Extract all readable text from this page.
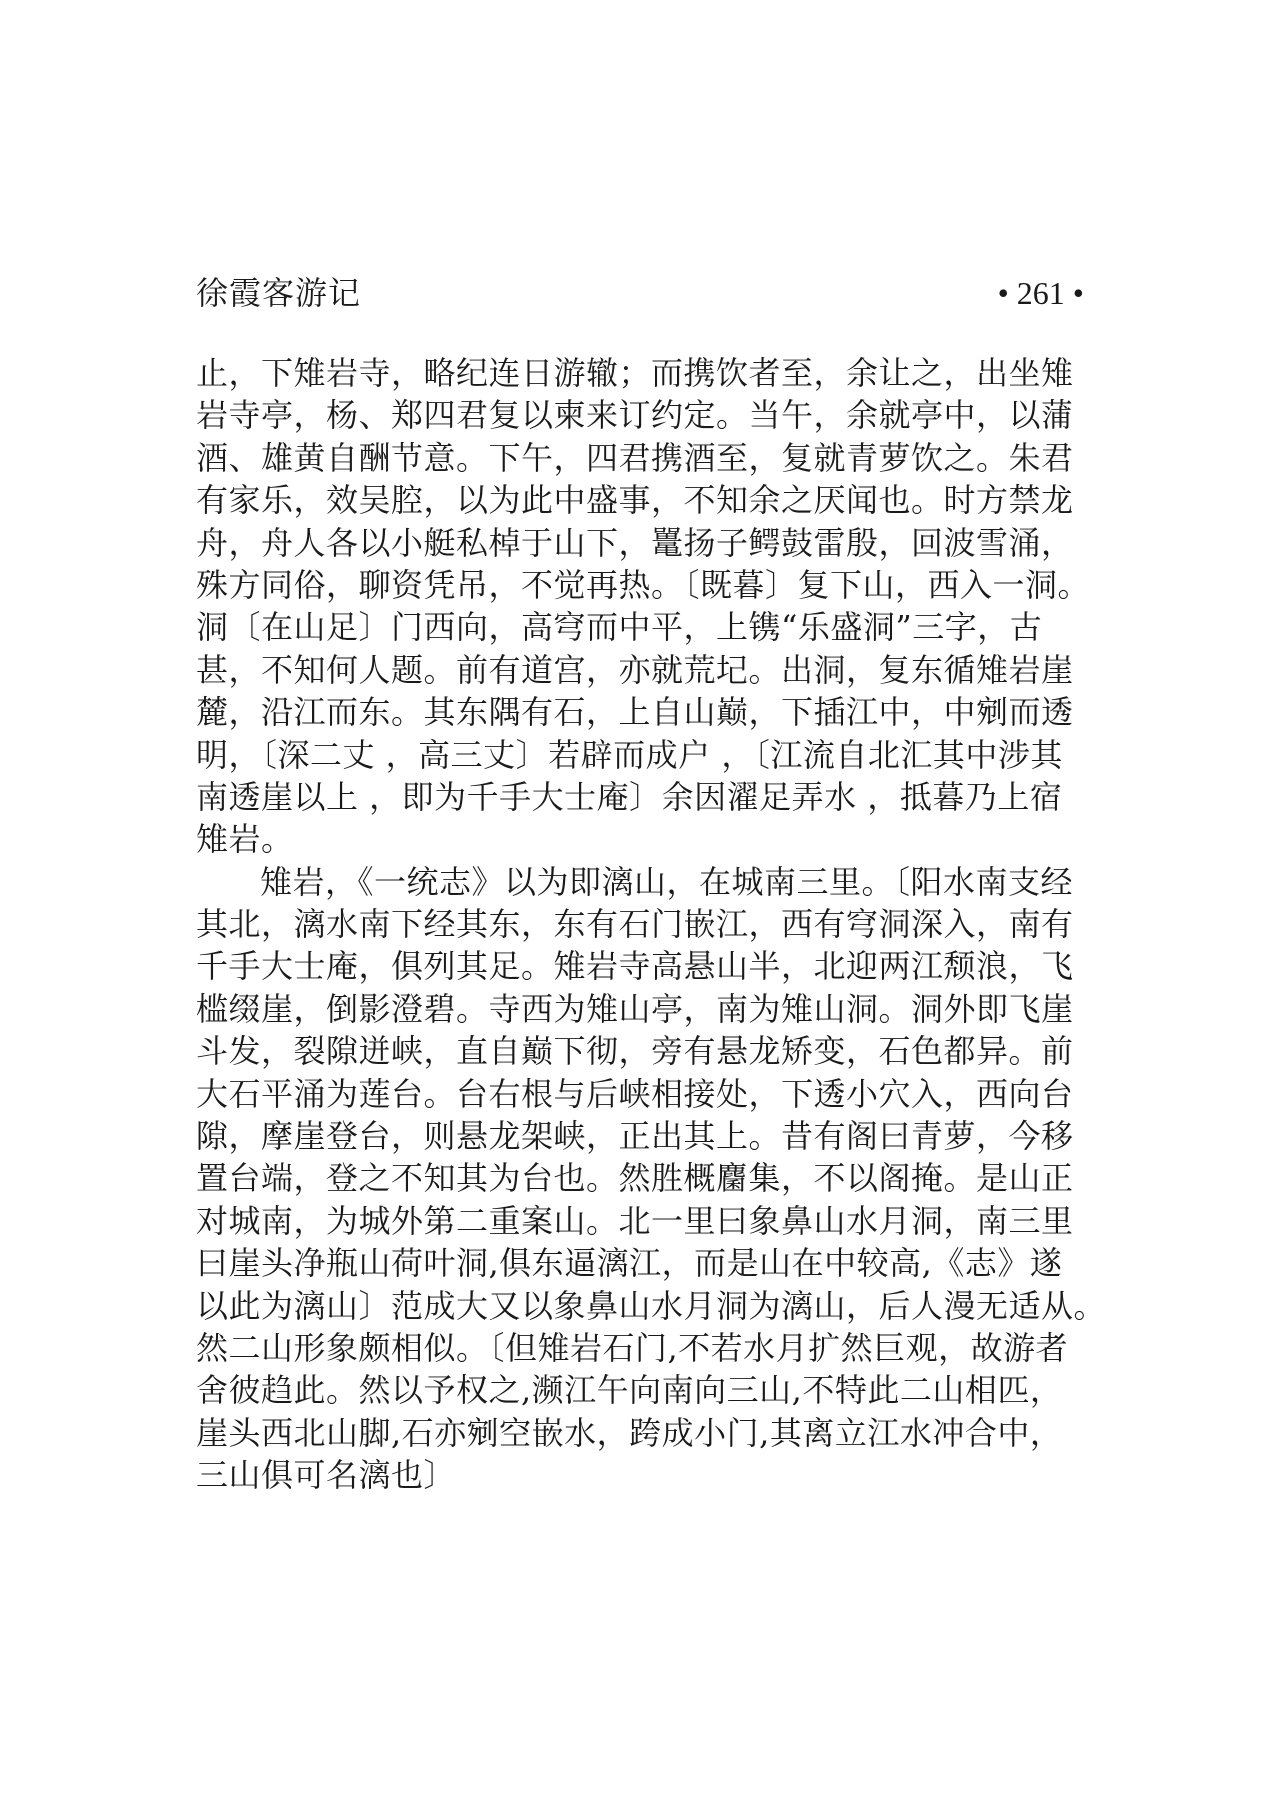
徐霞客游记	• 261 •
止，下雉岩寺，略纪连日游辙；而携饮者至，余让之，出坐雉
岩寺亭，杨、郑四君复以柬来订约定。当午，余就亭中，以蒲
酒、雄黄自酬节意。下午，四君携酒至，复就青萝饮之。朱君
有家乐，效吴腔，以为此中盛事，不知余之厌闻也。时方禁龙
舟，舟人各以小艇私棹于山下，鼍扬子鳄鼓雷殷，回波雪涌，
殊方同俗，聊资凭吊，不觉再热。〔既暮〕复下山，西入一洞。
洞〔在山足〕门西向，高穹而中平，上镌“乐盛洞”三字，古
甚，不知何人题。前有道宫，亦就荒圮。出洞，复东循雉岩崖
麓，沿江而东。其东隅有石，上自山巅，下插江中，中剜而透
明，〔深二丈 ，高三丈〕若辟而成户 ，〔江流自北汇其中涉其
南透崖以上 ，即为千手大士庵〕余因濯足弄水 ，抵暮乃上宿
雉岩。
雉岩，《一统志》以为即漓山，在城南三里。〔阳水南支经
其北，漓水南下经其东，东有石门嵌江，西有穹洞深入，南有
千手大士庵，俱列其足。雉岩寺高悬山半，北迎两江颓浪，飞
槛缀崖，倒影澄碧。寺西为雉山亭，南为雉山洞。洞外即飞崖
斗发，裂隙迸峡，直自巅下彻，旁有悬龙矫变，石色都异。前
大石平涌为莲台。台右根与后峡相接处，下透小穴入，西向台
隙，摩崖登台，则悬龙架峡，正出其上。昔有阁曰青萝，今移
置台端，登之不知其为台也。然胜概麕集，不以阁掩。是山正
对城南，为城外第二重案山。北一里曰象鼻山水月洞，南三里
曰崖头净瓶山荷叶洞,俱东逼漓江，而是山在中较高,《志》遂
以此为漓山〕范成大又以象鼻山水月洞为漓山，后人漫无适从。
然二山形象颇相似。〔但雉岩石门,不若水月扩然巨观，故游者
舍彼趋此。然以予权之,濒江午向南向三山,不特此二山相匹，
崖头西北山脚,石亦剜空嵌水，跨成小门,其离立江水冲合中，
三山俱可名漓也〕
